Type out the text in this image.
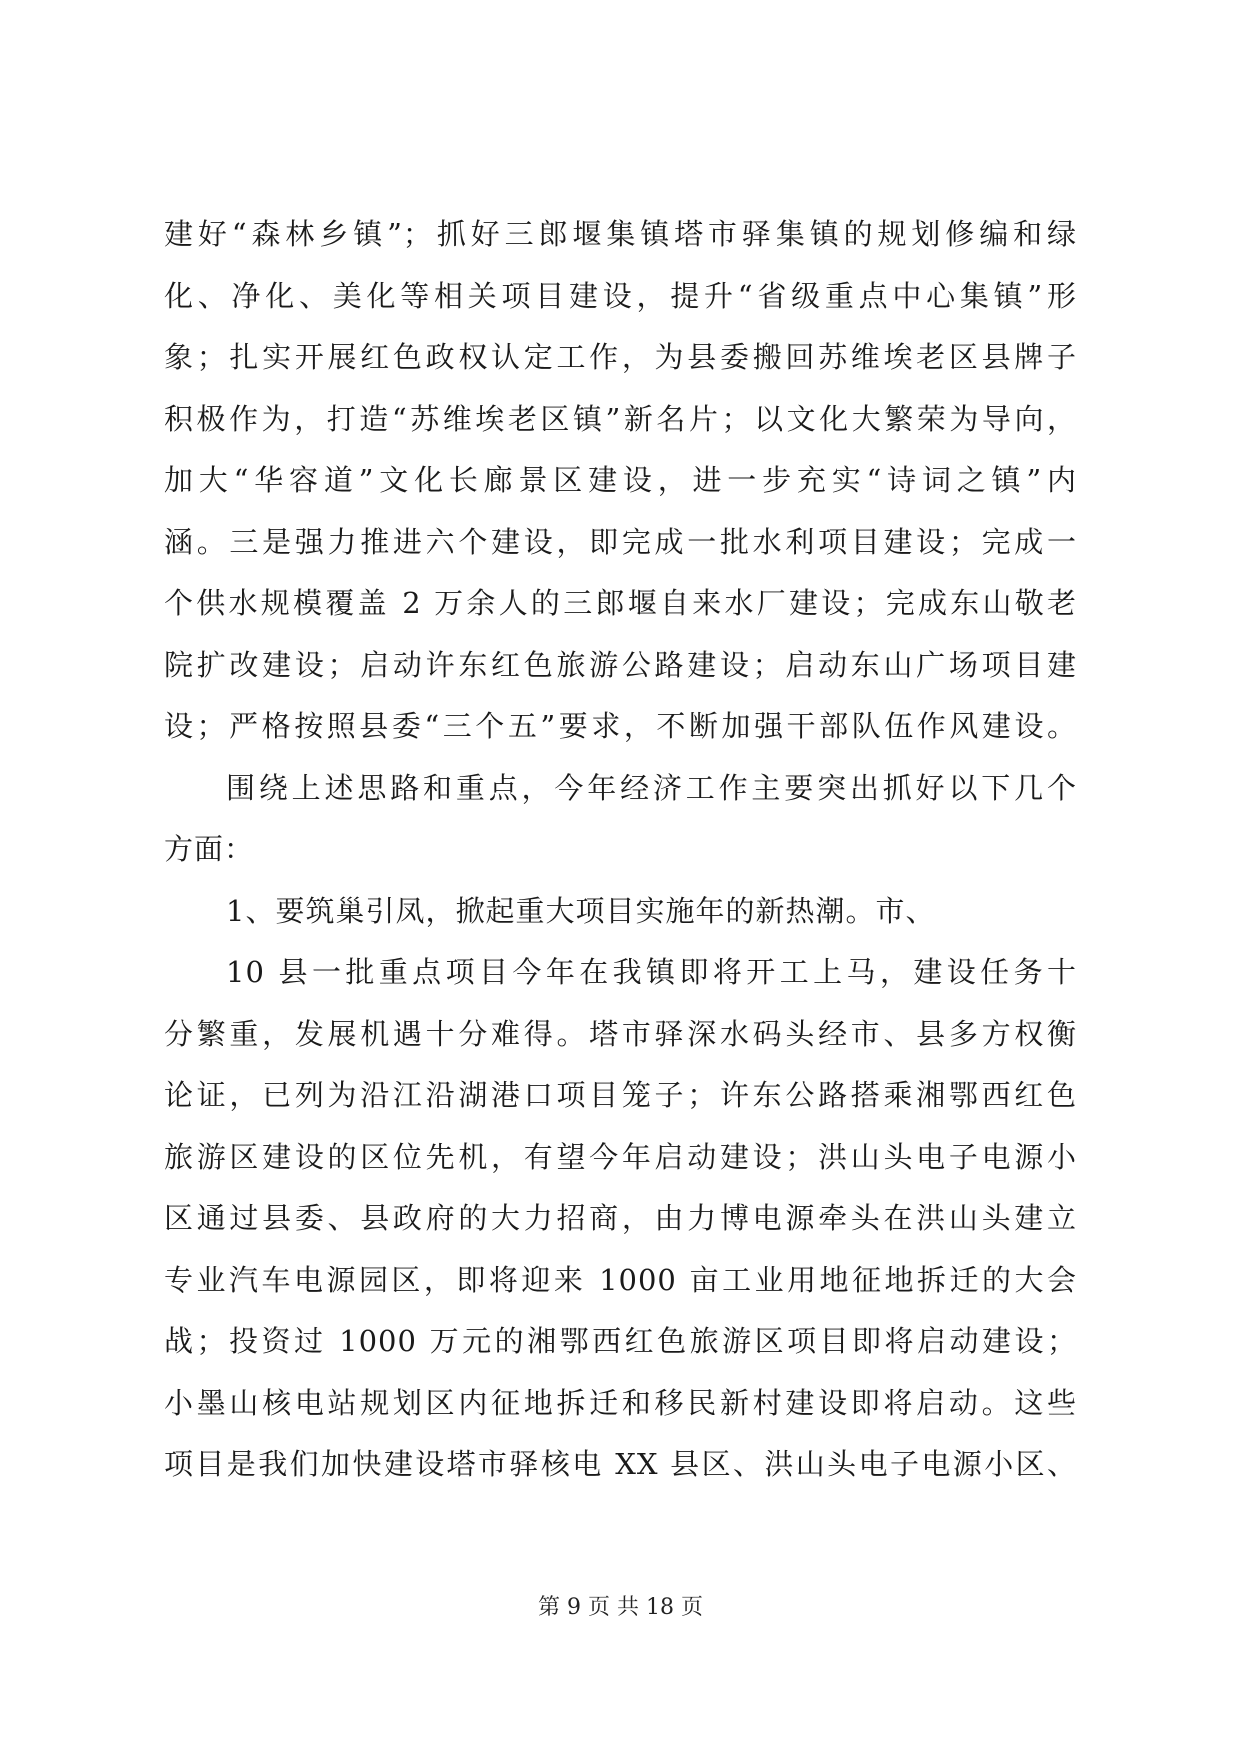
建好“森林乡镇”；抓好三郎堰集镇塔市驿集镇的规划修编和绿
化、净化、美化等相关项目建设，提升“省级重点中心集镇”形
象；扎实开展红色政权认定工作，为县委搬回苏维埃老区县牌子
积极作为，打造“苏维埃老区镇”新名片；以文化大繁荣为导向，
加大“华容道”文化长廊景区建设，进一步充实“诗词之镇”内
涵。三是强力推进六个建设，即完成一批水利项目建设；完成一
个供水规模覆盖 2 万余人的三郎堰自来水厂建设；完成东山敬老
院扩改建设；启动许东红色旅游公路建设；启动东山广场项目建
设；严格按照县委“三个五”要求，不断加强干部队伍作风建设。
围绕上述思路和重点，今年经济工作主要突出抓好以下几个
方面：
1、要筑巢引凤，掀起重大项目实施年的新热潮。市、
10 县一批重点项目今年在我镇即将开工上马，建设任务十
分繁重，发展机遇十分难得。塔市驿深水码头经市、县多方权衡
论证，已列为沿江沿湖港口项目笼子；许东公路搭乘湘鄂西红色
旅游区建设的区位先机，有望今年启动建设；洪山头电子电源小
区通过县委、县政府的大力招商，由力博电源牵头在洪山头建立
专业汽车电源园区，即将迎来 1000 亩工业用地征地拆迁的大会
战；投资过 1000 万元的湘鄂西红色旅游区项目即将启动建设；
小墨山核电站规划区内征地拆迁和移民新村建设即将启动。这些
项目是我们加快建设塔市驿核电 XX 县区、洪山头电子电源小区、
第 9 页 共 18 页
